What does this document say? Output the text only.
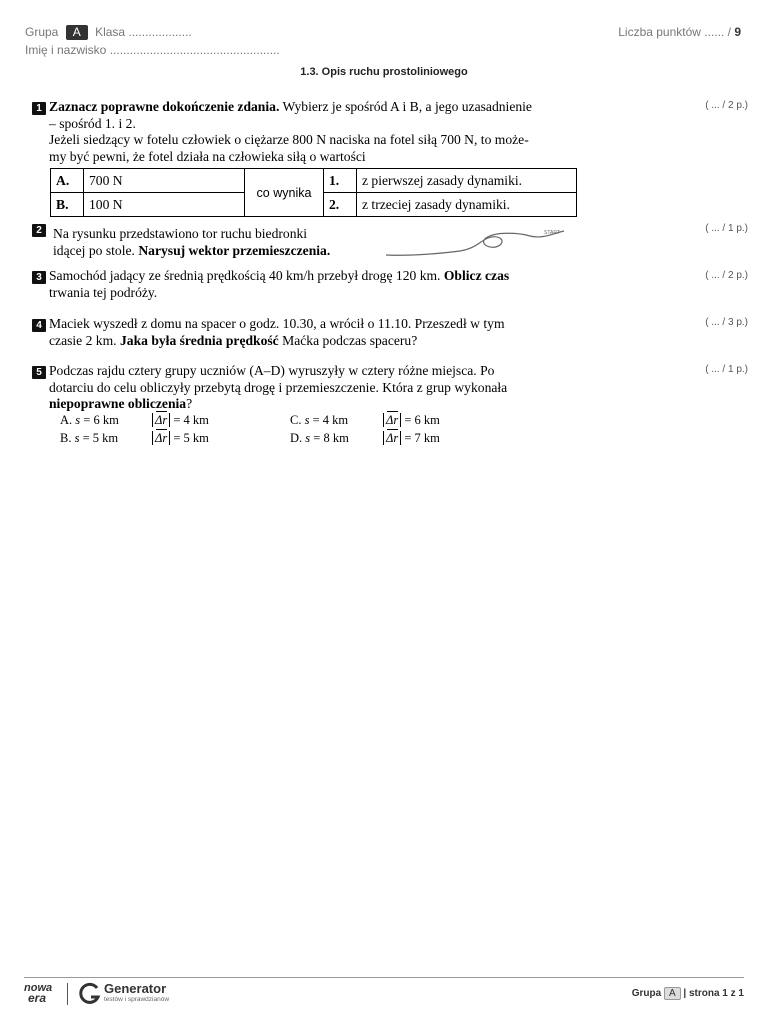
Grupa A Klasa ...................
Imię i nazwisko ...................................................
Liczba punktów ...... / 9
1.3. Opis ruchu prostoliniowego
1 Zaznacz poprawne dokończenie zdania. Wybierz je spośród A i B, a jego uzasadnienie
– spośród 1. i 2.
Jeżeli siedzący w fotelu człowiek o ciężarze 800 N naciska na fotel siłą 700 N, to może-
my być pewni, że fotel działa na człowieka siłą o wartości
( ... / 2 p.)
A.	700 N	co wynika	1.	z pierwszej zasady dynamiki.
B.	100 N		2.	z trzeciej zasady dynamiki.
2 Na rysunku przedstawiono tor ruchu biedronki
idącej po stole. Narysuj wektor przemieszczenia.
START	( ... / 1 p.)
3 Samochód jadący ze średnią prędkością 40 km/h przebył drogę 120 km. Oblicz czas
trwania tej podróży.
( ... / 2 p.)
4 Maciek wyszedł z domu na spacer o godz. 10.30, a wrócił o 11.10. Przeszedł w tym
czasie 2 km. Jaka była średnia prędkość Maćka podczas spaceru?
( ... / 3 p.)
5 Podczas rajdu cztery grupy uczniów (A–D) wyruszyły w cztery różne miejsca. Po
dotarciu do celu obliczyły przebytą drogę i przemieszczenie. Która z grup wykonała
niepoprawne obliczenia?
( ... / 1 p.)
A. s = 6 km	Δr = 4 km
B. s = 5 km	Δr = 5 km
C. s = 4 km	Δr = 6 km
D. s = 8 km	Δr = 7 km
nowa
era
Generator
testów i sprawdzianów
Grupa A | strona 1 z 1
